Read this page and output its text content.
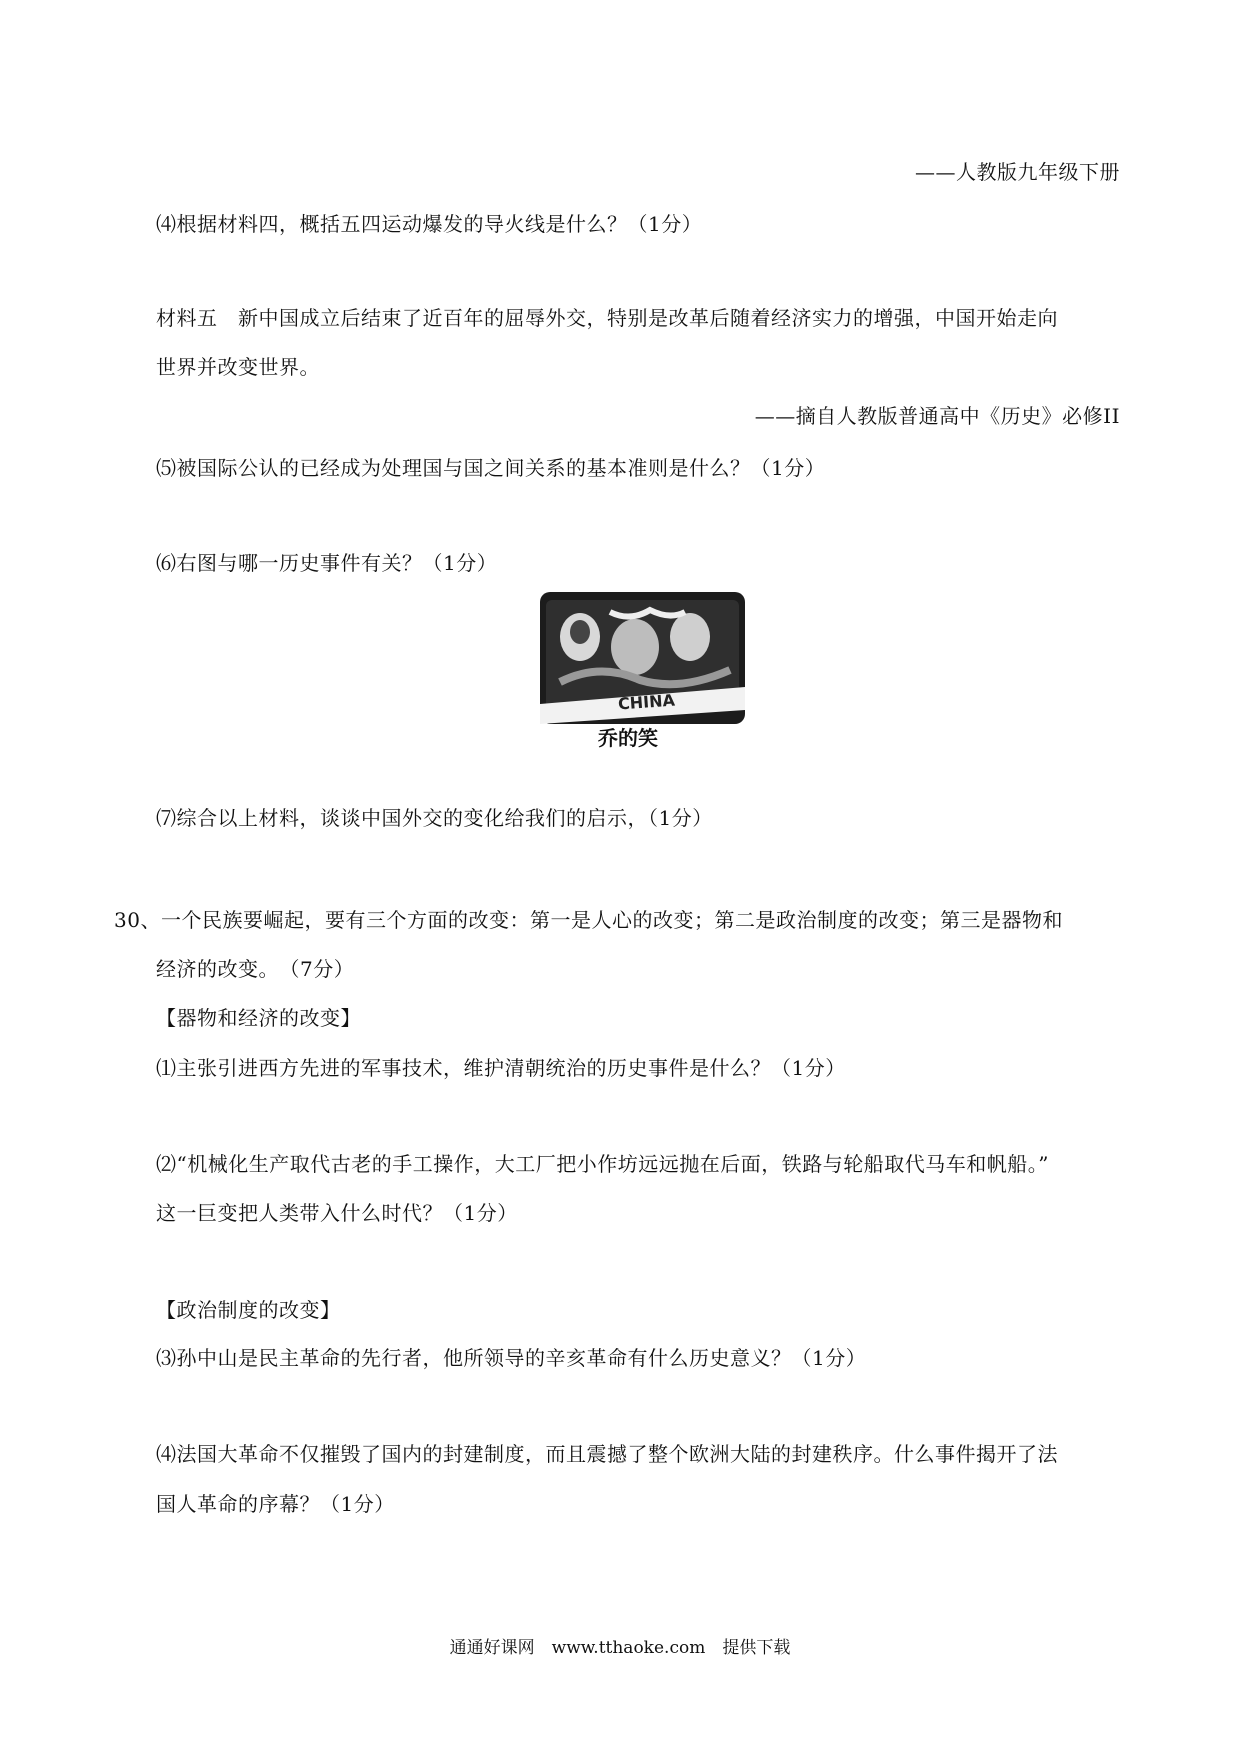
——人教版九年级下册
⑷根据材料四，概括五四运动爆发的导火线是什么？（1分）
材料五　新中国成立后结束了近百年的屈辱外交，特别是改革后随着经济实力的增强，中国开始走向
世界并改变世界。
——摘自人教版普通高中《历史》必修II
⑸被国际公认的已经成为处理国与国之间关系的基本准则是什么？（1分）
⑹右图与哪一历史事件有关？（1分）
CHINA
乔的笑
⑺综合以上材料，谈谈中国外交的变化给我们的启示，（1分）
30、一个民族要崛起，要有三个方面的改变：第一是人心的改变；第二是政治制度的改变；第三是器物和
经济的改变。　（7分）
【器物和经济的改变】
⑴主张引进西方先进的军事技术，维护清朝统治的历史事件是什么？（1分）
⑵“机械化生产取代古老的手工操作，大工厂把小作坊远远抛在后面，铁路与轮船取代马车和帆船。”
这一巨变把人类带入什么时代？（1分）
【政治制度的改变】
⑶孙中山是民主革命的先行者，他所领导的辛亥革命有什么历史意义？（1分）
⑷法国大革命不仅摧毁了国内的封建制度，而且震撼了整个欧洲大陆的封建秩序。什么事件揭开了法
国人革命的序幕？（1分）
通通好课网　www.tthaoke.com　提供下载
